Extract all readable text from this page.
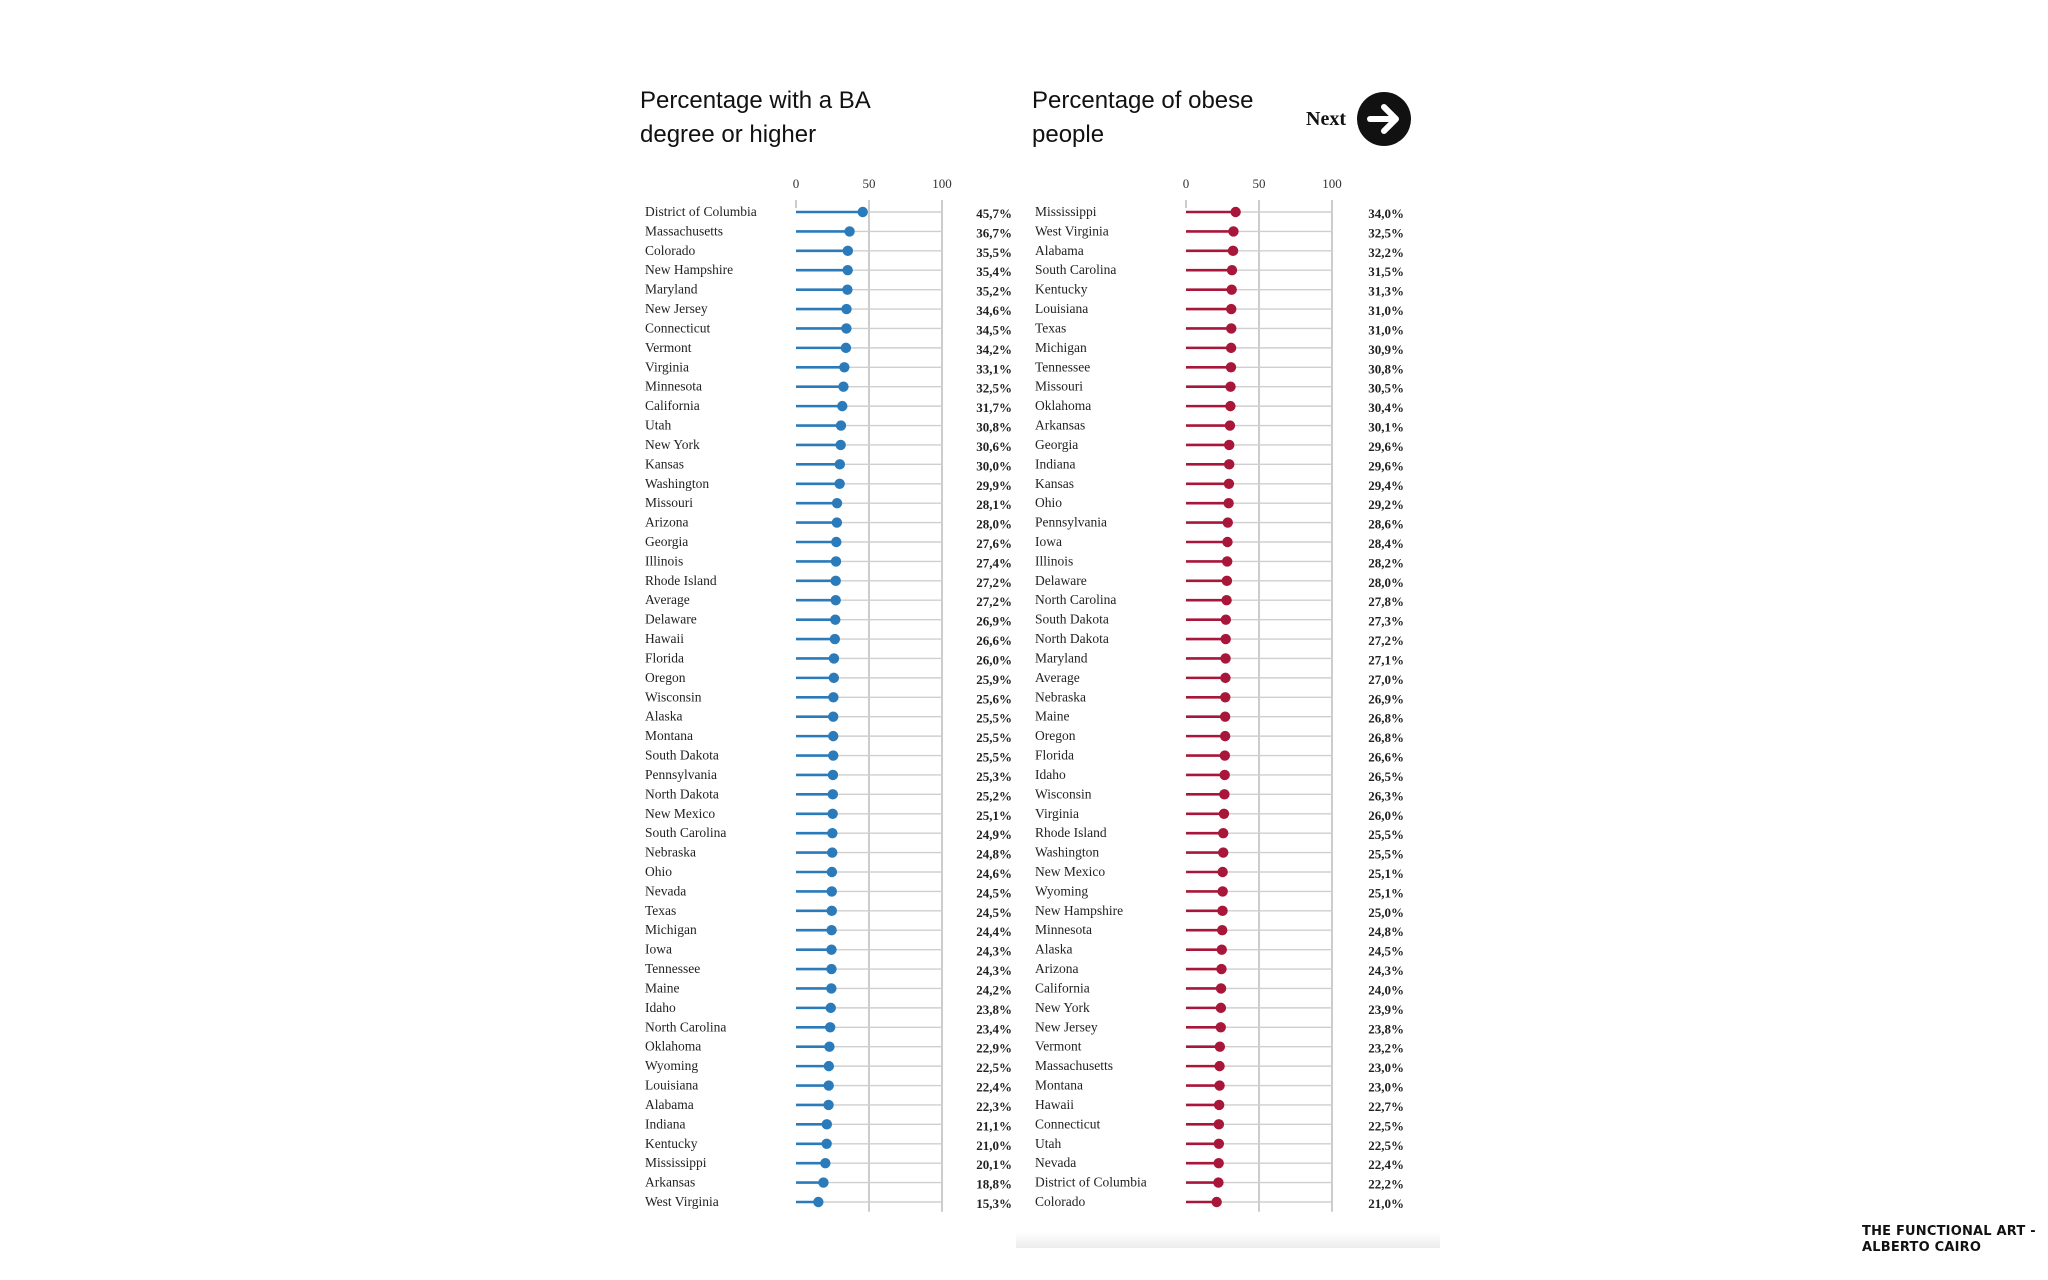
Percentage with a BA degree or higher
Percentage of obese people
Next
0	50	100
District of Columbia	45,7%
Massachusetts	36,7%
Colorado	35,5%
New Hampshire	35,4%
Maryland	35,2%
New Jersey	34,6%
Connecticut	34,5%
Vermont	34,2%
Virginia	33,1%
Minnesota	32,5%
California	31,7%
Utah	30,8%
New York	30,6%
Kansas	30,0%
Washington	29,9%
Missouri	28,1%
Arizona	28,0%
Georgia	27,6%
Illinois	27,4%
Rhode Island	27,2%
Average	27,2%
Delaware	26,9%
Hawaii	26,6%
Florida	26,0%
Oregon	25,9%
Wisconsin	25,6%
Alaska	25,5%
Montana	25,5%
South Dakota	25,5%
Pennsylvania	25,3%
North Dakota	25,2%
New Mexico	25,1%
South Carolina	24,9%
Nebraska	24,8%
Ohio	24,6%
Nevada	24,5%
Texas	24,5%
Michigan	24,4%
Iowa	24,3%
Tennessee	24,3%
Maine	24,2%
Idaho	23,8%
North Carolina	23,4%
Oklahoma	22,9%
Wyoming	22,5%
Louisiana	22,4%
Alabama	22,3%
Indiana	21,1%
Kentucky	21,0%
Mississippi	20,1%
Arkansas	18,8%
West Virginia	15,3%
0	50	100
Mississippi	34,0%
West Virginia	32,5%
Alabama	32,2%
South Carolina	31,5%
Kentucky	31,3%
Louisiana	31,0%
Texas	31,0%
Michigan	30,9%
Tennessee	30,8%
Missouri	30,5%
Oklahoma	30,4%
Arkansas	30,1%
Georgia	29,6%
Indiana	29,6%
Kansas	29,4%
Ohio	29,2%
Pennsylvania	28,6%
Iowa	28,4%
Illinois	28,2%
Delaware	28,0%
North Carolina	27,8%
South Dakota	27,3%
North Dakota	27,2%
Maryland	27,1%
Average	27,0%
Nebraska	26,9%
Maine	26,8%
Oregon	26,8%
Florida	26,6%
Idaho	26,5%
Wisconsin	26,3%
Virginia	26,0%
Rhode Island	25,5%
Washington	25,5%
New Mexico	25,1%
Wyoming	25,1%
New Hampshire	25,0%
Minnesota	24,8%
Alaska	24,5%
Arizona	24,3%
California	24,0%
New York	23,9%
New Jersey	23,8%
Vermont	23,2%
Massachusetts	23,0%
Montana	23,0%
Hawaii	22,7%
Connecticut	22,5%
Utah	22,5%
Nevada	22,4%
District of Columbia	22,2%
Colorado	21,0%
THE FUNCTIONAL ART -
ALBERTO CAIRO
